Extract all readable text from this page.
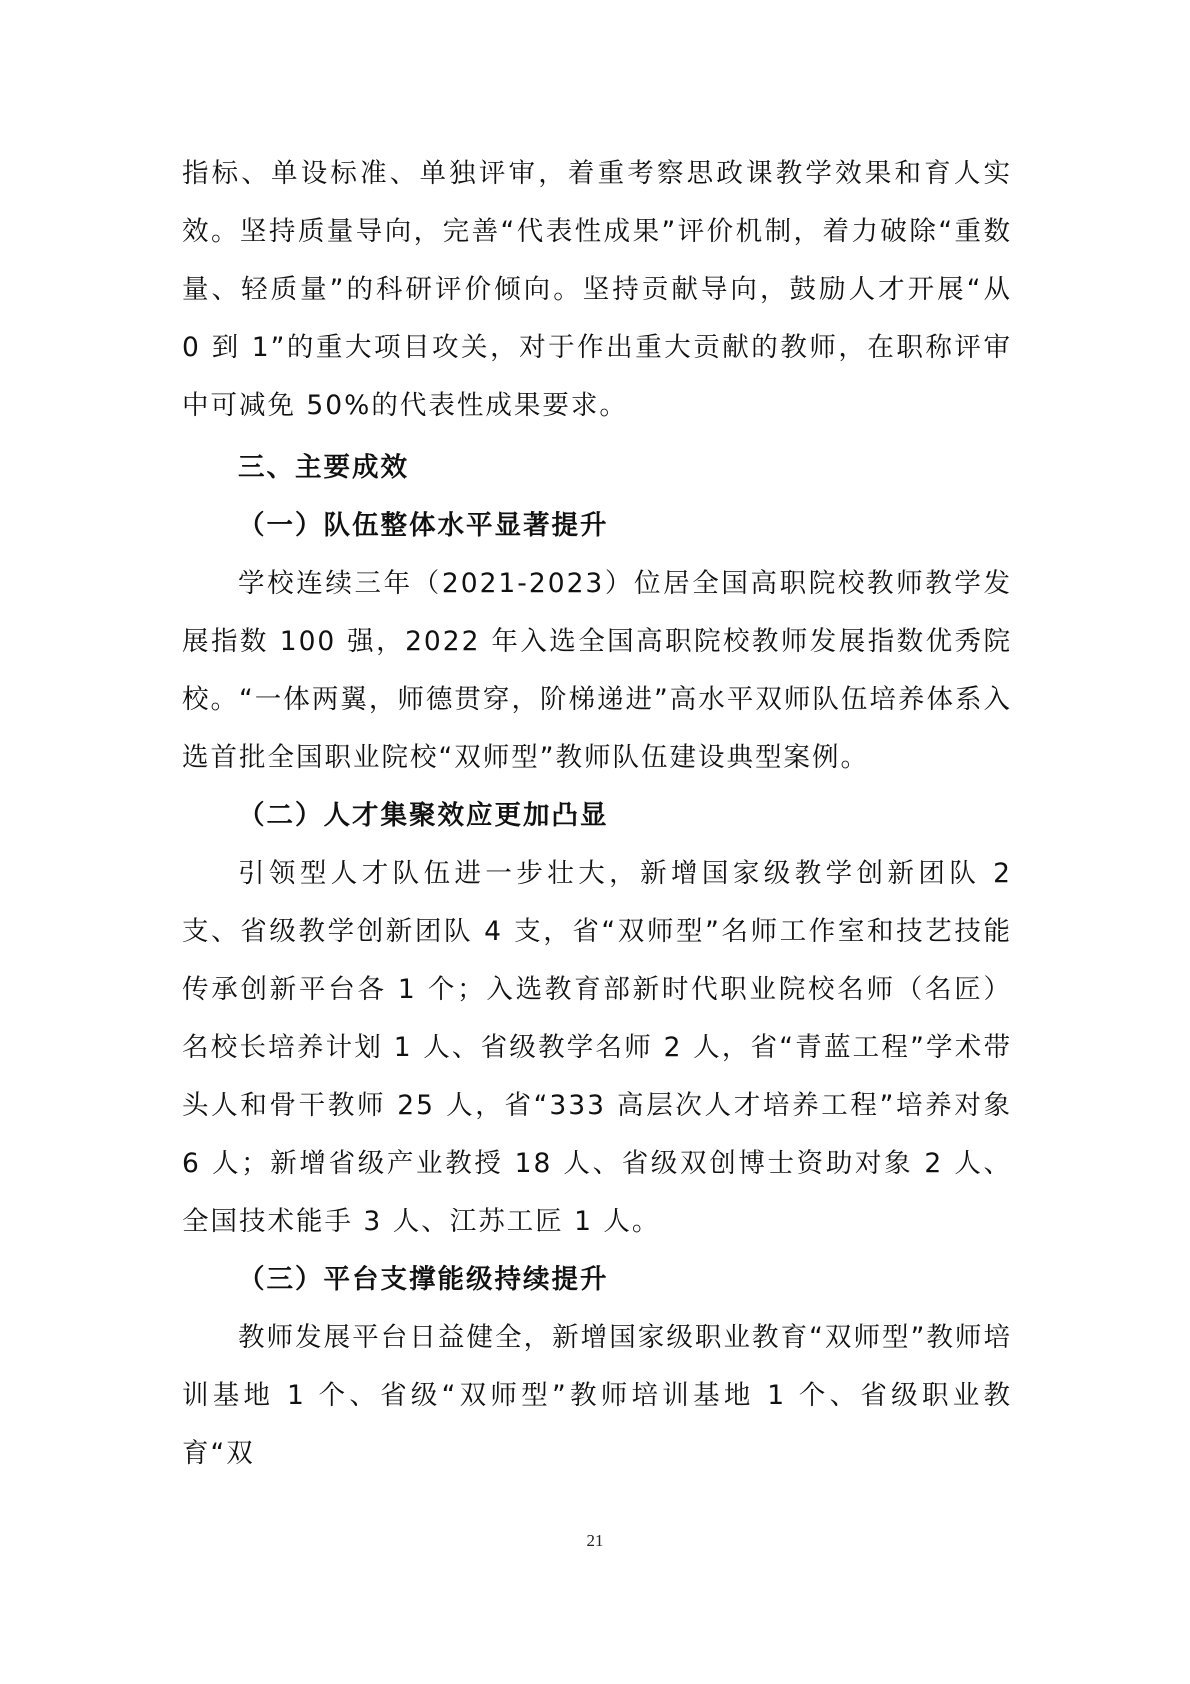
指标、单设标准、单独评审，着重考察思政课教学效果和育人实效。坚持质量导向，完善“代表性成果”评价机制，着力破除“重数量、轻质量”的科研评价倾向。坚持贡献导向，鼓励人才开展“从 0 到 1”的重大项目攻关，对于作出重大贡献的教师，在职称评审中可减免 50%的代表性成果要求。

三、主要成效

（一）队伍整体水平显著提升

学校连续三年（2021-2023）位居全国高职院校教师教学发展指数 100 强，2022 年入选全国高职院校教师发展指数优秀院校。“一体两翼，师德贯穿，阶梯递进”高水平双师队伍培养体系入选首批全国职业院校“双师型”教师队伍建设典型案例。

（二）人才集聚效应更加凸显

引领型人才队伍进一步壮大，新增国家级教学创新团队 2 支、省级教学创新团队 4 支，省“双师型”名师工作室和技艺技能传承创新平台各 1 个；入选教育部新时代职业院校名师（名匠）名校长培养计划 1 人、省级教学名师 2 人，省“青蓝工程”学术带头人和骨干教师 25 人，省“333 高层次人才培养工程”培养对象 6 人；新增省级产业教授 18 人、省级双创博士资助对象 2 人、全国技术能手 3 人、江苏工匠 1 人。

（三）平台支撑能级持续提升

教师发展平台日益健全，新增国家级职业教育“双师型”教师培训基地 1 个、省级“双师型”教师培训基地 1 个、省级职业教育“双

21
